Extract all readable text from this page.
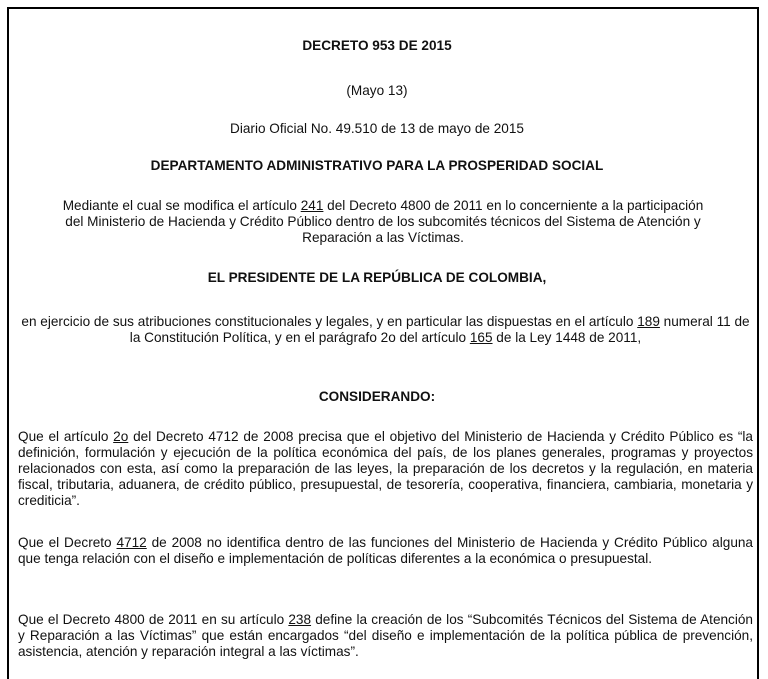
DECRETO 953 DE 2015

(Mayo 13)

Diario Oficial No. 49.510 de 13 de mayo de 2015

DEPARTAMENTO ADMINISTRATIVO PARA LA PROSPERIDAD SOCIAL

Mediante el cual se modifica el artículo 241 del Decreto 4800 de 2011 en lo concerniente a la participación del Ministerio de Hacienda y Crédito Público dentro de los subcomités técnicos del Sistema de Atención y Reparación a las Víctimas.

EL PRESIDENTE DE LA REPÚBLICA DE COLOMBIA,

en ejercicio de sus atribuciones constitucionales y legales, y en particular las dispuestas en el artículo 189 numeral 11 de la Constitución Política, y en el parágrafo 2o del artículo 165 de la Ley 1448 de 2011,

CONSIDERANDO:

Que el artículo 2o del Decreto 4712 de 2008 precisa que el objetivo del Ministerio de Hacienda y Crédito Público es “la definición, formulación y ejecución de la política económica del país, de los planes generales, programas y proyectos relacionados con esta, así como la preparación de las leyes, la preparación de los decretos y la regulación, en materia fiscal, tributaria, aduanera, de crédito público, presupuestal, de tesorería, cooperativa, financiera, cambiaria, monetaria y crediticia”.

Que el Decreto 4712 de 2008 no identifica dentro de las funciones del Ministerio de Hacienda y Crédito Público alguna que tenga relación con el diseño e implementación de políticas diferentes a la económica o presupuestal.

Que el Decreto 4800 de 2011 en su artículo 238 define la creación de los “Subcomités Técnicos del Sistema de Atención y Reparación a las Víctimas” que están encargados “del diseño e implementación de la política pública de prevención, asistencia, atención y reparación integral a las víctimas”.
